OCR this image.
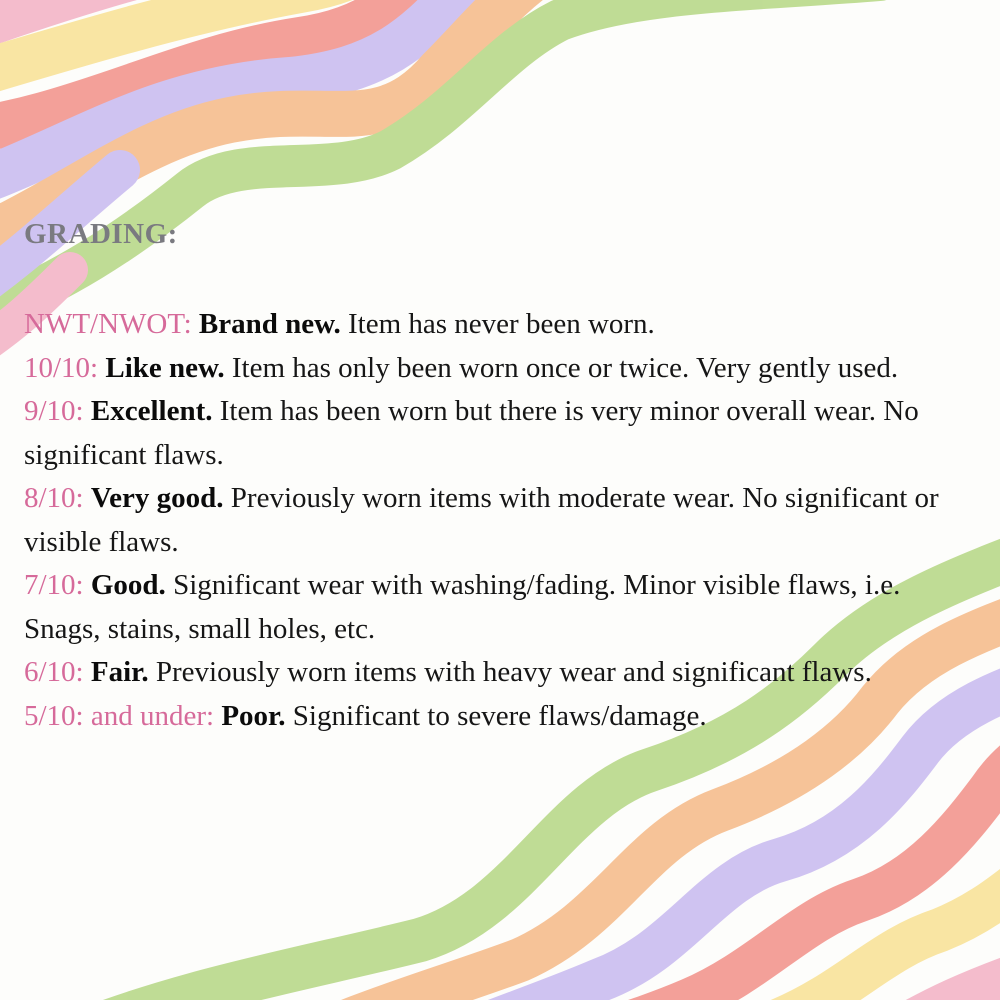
GRADING:

NWT/NWOT: Brand new. Item has never been worn.

10/10: Like new. Item has only been worn once or twice. Very gently used.

9/10: Excellent. Item has been worn but there is very minor overall wear. No significant flaws.

8/10: Very good. Previously worn items with moderate wear. No significant or visible flaws.

7/10: Good. Significant wear with washing/fading. Minor visible flaws, i.e. Snags, stains, small holes, etc.

6/10: Fair. Previously worn items with heavy wear and significant flaws.

5/10: and under: Poor. Significant to severe flaws/damage.
